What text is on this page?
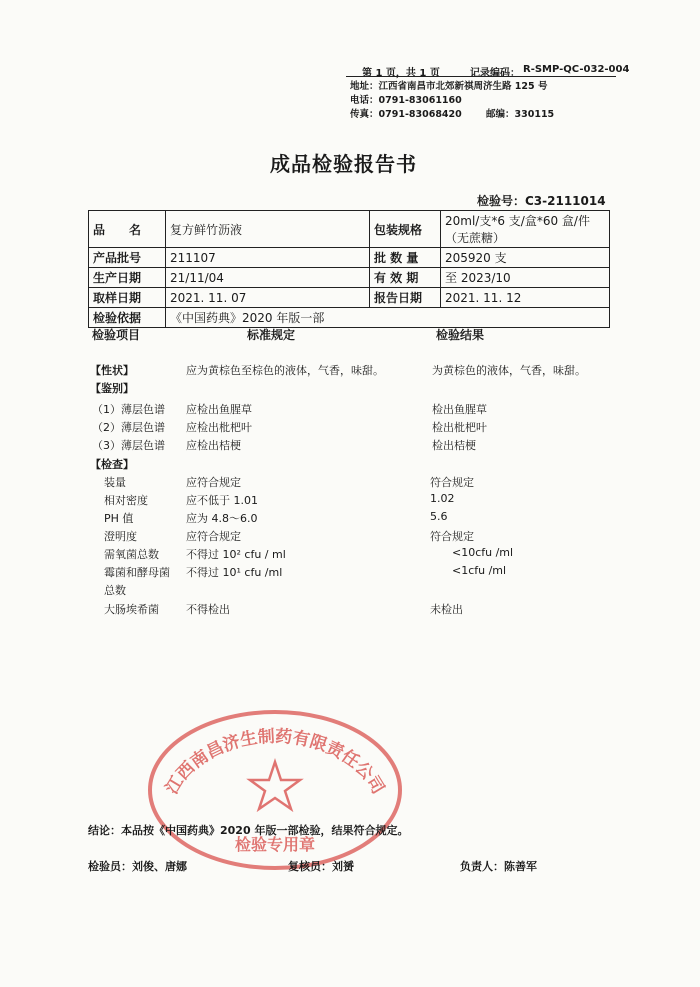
第 1 页，共 1 页	记录编码： R-SMP-QC-032-004
地址：江西省南昌市北郊新祺周济生路 125 号
电话：0791-83061160
传真：0791-83068420	邮编：330115
成品检验报告书
检验号：C3-2111014
品　　名	复方鲜竹沥液	包装规格	20ml/支*6 支/盒*60 盒/件
（无蔗糖）

产品批号	211107	批 数 量	205920 支
生产日期	21/11/04	有 效 期	至 2023/10
取样日期	2021. 11. 07	报告日期	2021. 11. 12
检验依据	《中国药典》2020 年版一部		
检验项目	标准规定	检验结果
【性状】	应为黄棕色至棕色的液体，气香，味甜。	为黄棕色的液体，气香，味甜。
【鉴别】
（1）薄层色谱 应检出鱼腥草	检出鱼腥草
（2）薄层色谱 应检出枇杷叶	检出枇杷叶
（3）薄层色谱 应检出桔梗	检出桔梗
【检查】
装量	应符合规定	符合规定
相对密度	应不低于 1.01	1.02
PH 值	应为 4.8～6.0	5.6
澄明度	应符合规定	符合规定
需氧菌总数 不得过 10² cfu / ml	<10cfu /ml
霉菌和酵母菌 不得过 10¹ cfu /ml	<1cfu /ml
总数
大肠埃希菌 不得检出	未检出
江西南昌济生制药有限责任公司
检验专用章
结论：本品按《中国药典》2020 年版一部检验，结果符合规定。
检验员：刘俊、唐娜	复核员：刘赟	负责人：陈善军
